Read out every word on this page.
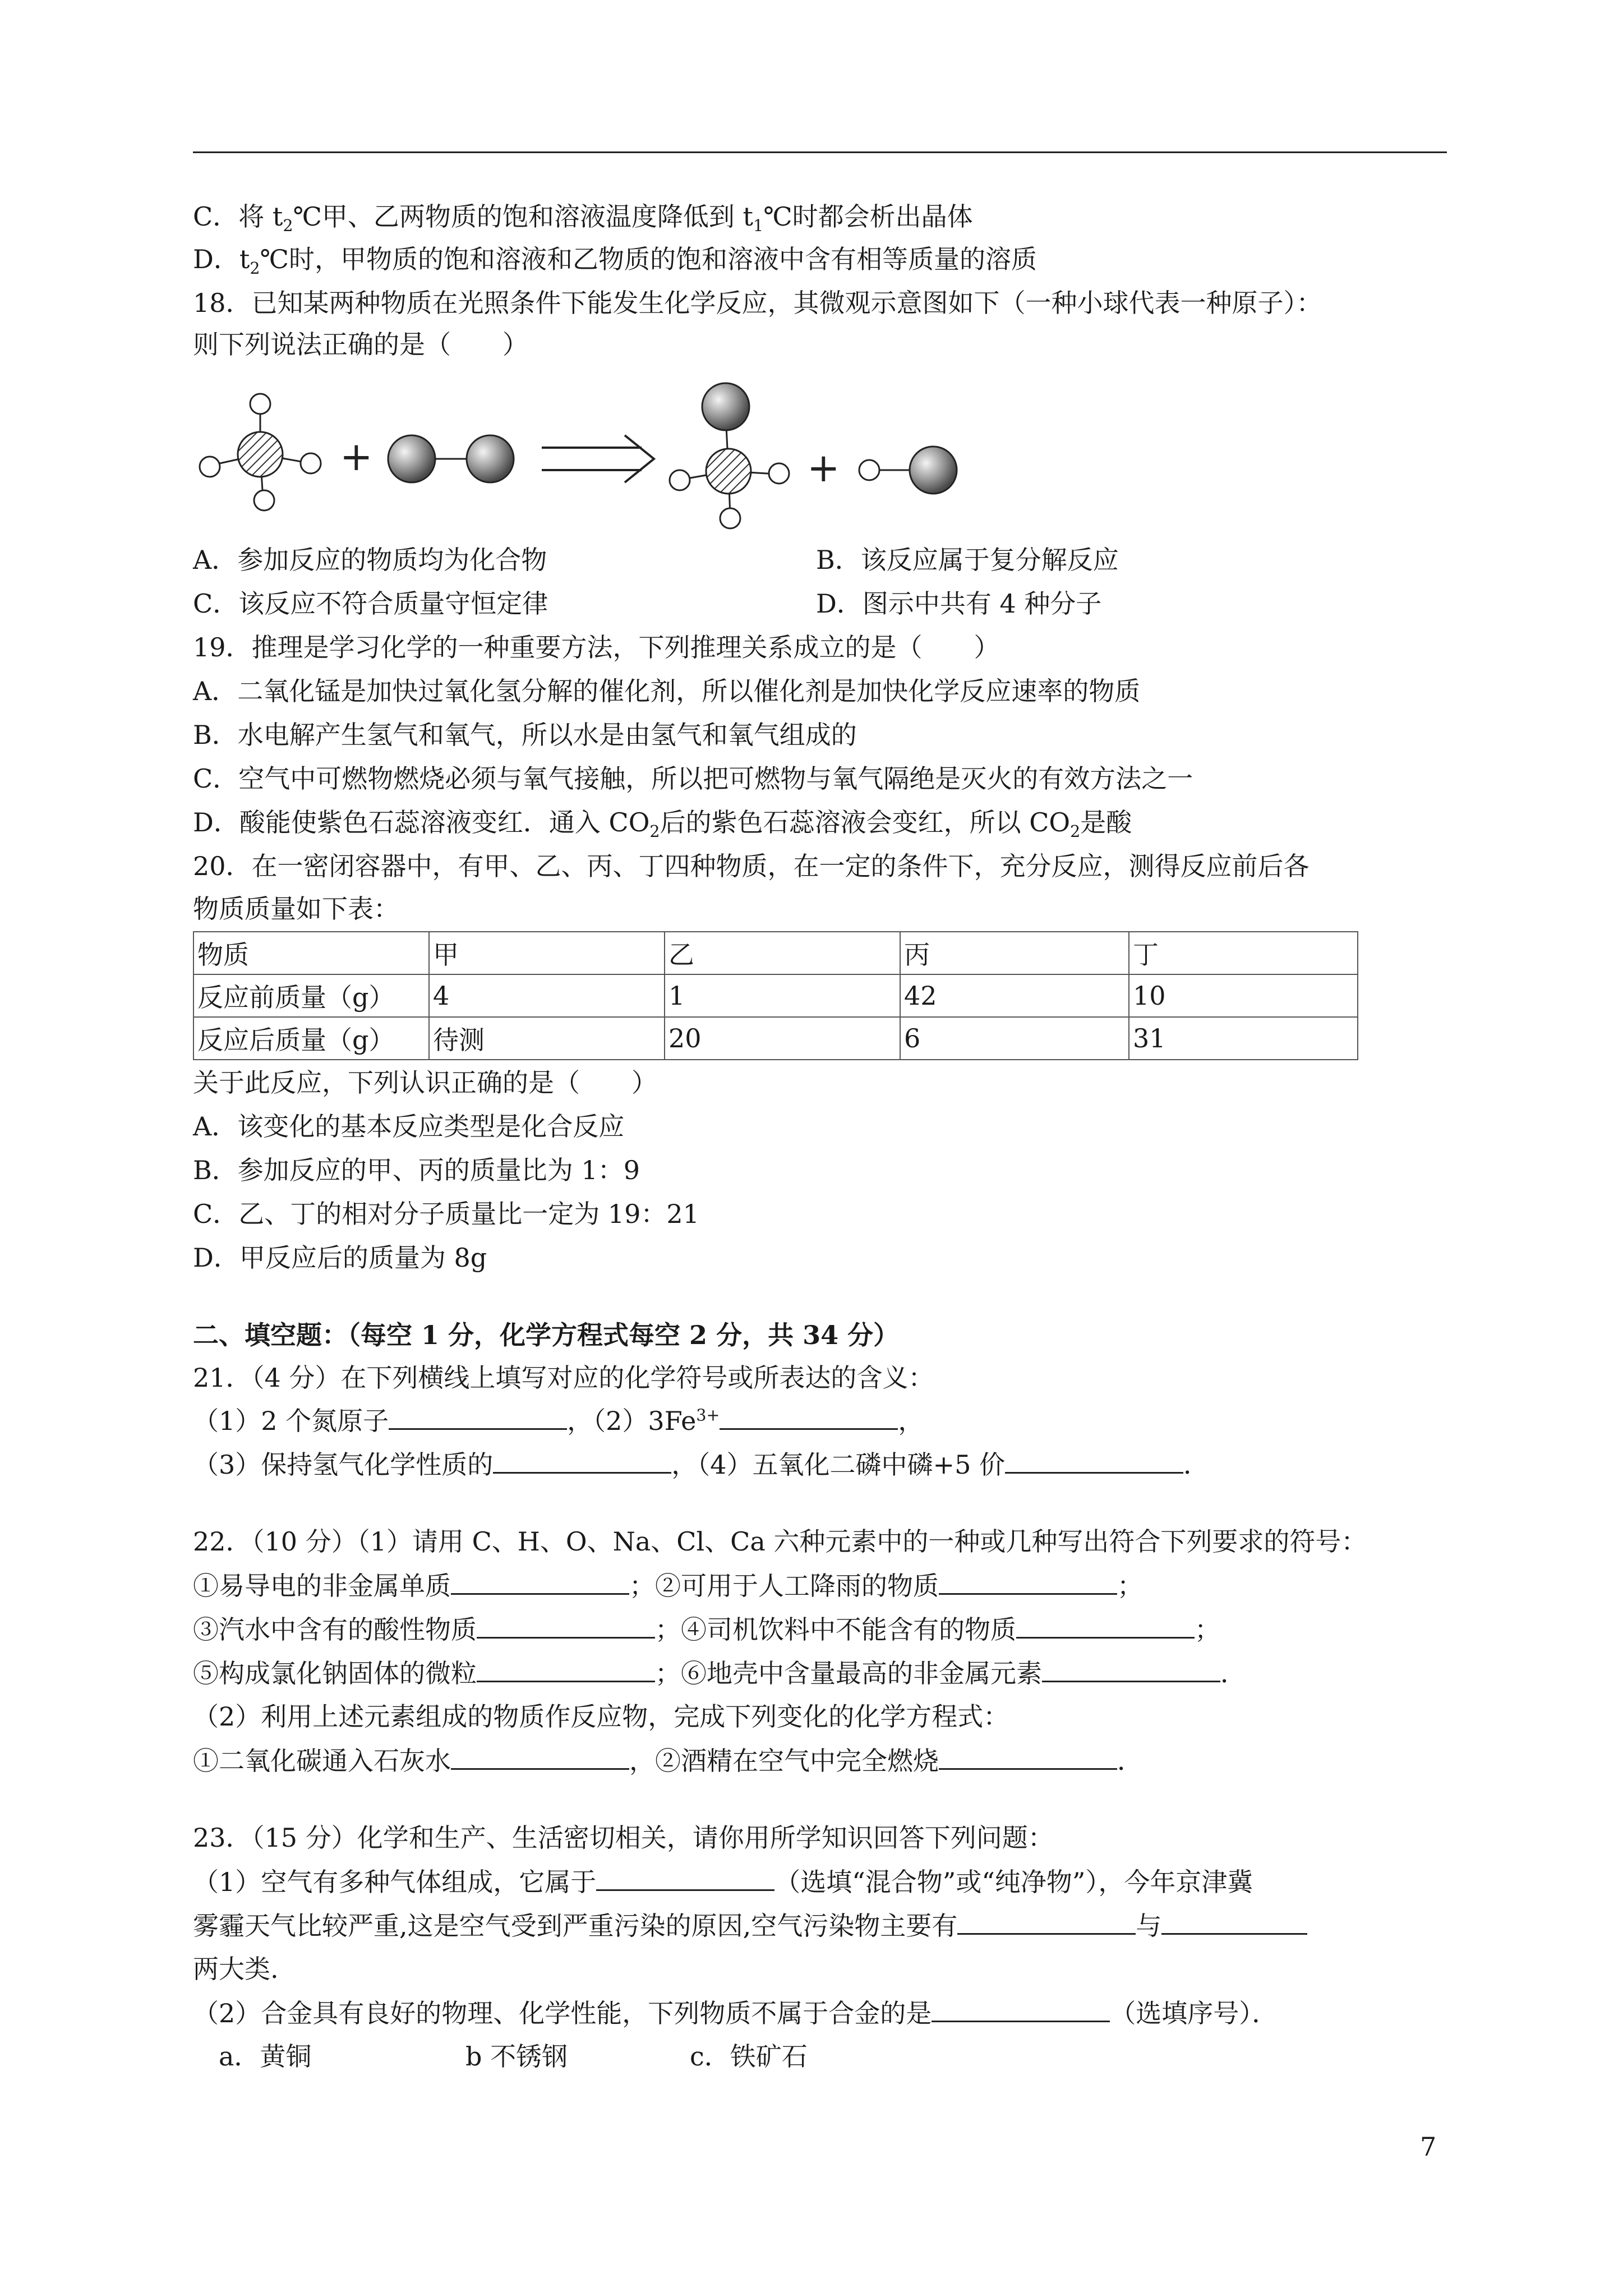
C．将 $t_2℃$甲、乙两物质的饱和溶液温度降低到 $t_1℃$时都会析出晶体
D．$t_2℃$时，甲物质的饱和溶液和乙物质的饱和溶液中含有相等质量的溶质
18．已知某两种物质在光照条件下能发生化学反应，其微观示意图如下（一种小球代表一种原子）：
则下列说法正确的是（　　）
+	+
A．参加反应的物质均为化合物	B．该反应属于复分解反应
C．该反应不符合质量守恒定律	D．图示中共有 4 种分子
19．推理是学习化学的一种重要方法，下列推理关系成立的是（　　）
A．二氧化锰是加快过氧化氢分解的催化剂，所以催化剂是加快化学反应速率的物质
B．水电解产生氢气和氧气，所以水是由氢气和氧气组成的
C．空气中可燃物燃烧必须与氧气接触，所以把可燃物与氧气隔绝是灭火的有效方法之一
D．酸能使紫色石蕊溶液变红．通入 $CO_2$后的紫色石蕊溶液会变红，所以 $CO_2$是酸
20．在一密闭容器中，有甲、乙、丙、丁四种物质，在一定的条件下，充分反应，测得反应前后各
物质质量如下表：
物质	甲	乙	丙	丁
反应前质量（g）	4	1	42	10
反应后质量（g）	待测	20	6	31
关于此反应，下列认识正确的是（　　）
A．该变化的基本反应类型是化合反应
B．参加反应的甲、丙的质量比为 1：9
C．乙、丁的相对分子质量比一定为 19：21
D．甲反应后的质量为 8g
二、填空题：（每空 1 分，化学方程式每空 2 分，共 34 分）
21．（4 分）在下列横线上填写对应的化学符号或所表达的含义：
（1）2 个氮原子	，$(2)3Fe^{3+}$	，
（3）保持氢气化学性质的	，（4）五氧化二磷中磷+5 价	．
22．（10 分）（1）请用 C、H、O、Na、Cl、Ca 六种元素中的一种或几种写出符合下列要求的符号：
①易导电的非金属单质	；②可用于人工降雨的物质	；
③汽水中含有的酸性物质	；④司机饮料中不能含有的物质	；
⑤构成氯化钠固体的微粒	；⑥地壳中含量最高的非金属元素	．
（2）利用上述元素组成的物质作反应物，完成下列变化的化学方程式：
①二氧化碳通入石灰水	，②酒精在空气中完全燃烧	．
23．（15 分）化学和生产、生活密切相关，请你用所学知识回答下列问题：
（1）空气有多种气体组成，它属于	（选填“混合物”或“纯净物”），今年京津冀
雾霾天气比较严重,这是空气受到严重污染的原因,空气污染物主要有	与
两大类.
（2）合金具有良好的物理、化学性能，下列物质不属于合金的是	（选填序号）．
a．黄铜	b 不锈钢	c．铁矿石
7
